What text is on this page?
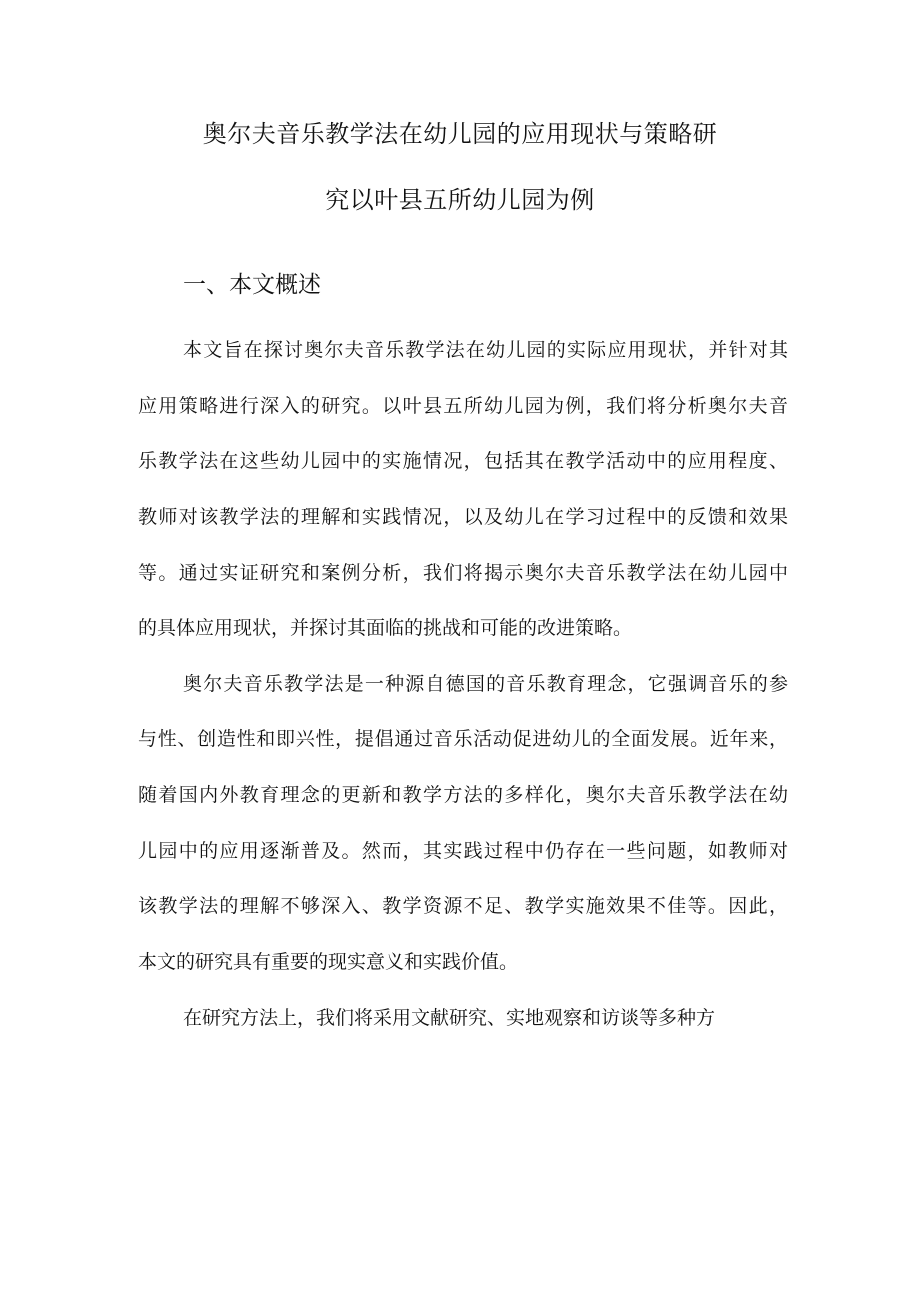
奥尔夫音乐教学法在幼儿园的应用现状与策略研
究以叶县五所幼儿园为例
一、本文概述
本文旨在探讨奥尔夫音乐教学法在幼儿园的实际应用现状，并针对其
应用策略进行深入的研究。以叶县五所幼儿园为例，我们将分析奥尔夫音
乐教学法在这些幼儿园中的实施情况，包括其在教学活动中的应用程度、
教师对该教学法的理解和实践情况，以及幼儿在学习过程中的反馈和效果
等。通过实证研究和案例分析，我们将揭示奥尔夫音乐教学法在幼儿园中
的具体应用现状，并探讨其面临的挑战和可能的改进策略。
奥尔夫音乐教学法是一种源自德国的音乐教育理念，它强调音乐的参
与性、创造性和即兴性，提倡通过音乐活动促进幼儿的全面发展。近年来，
随着国内外教育理念的更新和教学方法的多样化，奥尔夫音乐教学法在幼
儿园中的应用逐渐普及。然而，其实践过程中仍存在一些问题，如教师对
该教学法的理解不够深入、教学资源不足、教学实施效果不佳等。因此，
本文的研究具有重要的现实意义和实践价值。
在研究方法上，我们将采用文献研究、实地观察和访谈等多种方
